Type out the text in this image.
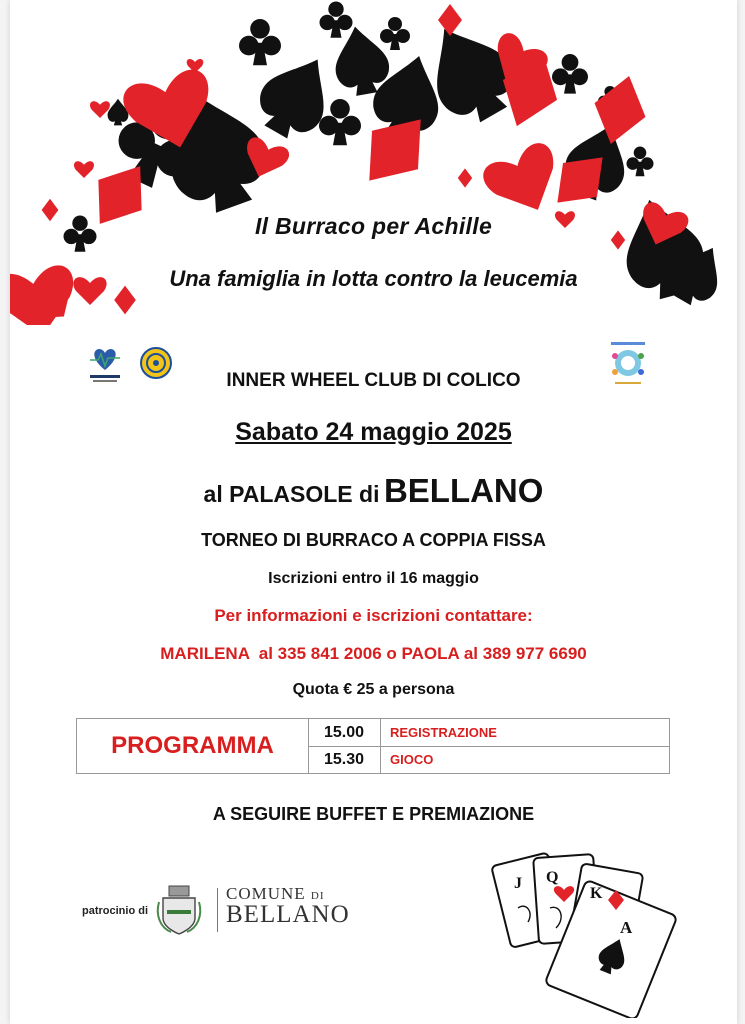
Il Burraco per Achille
Una famiglia in lotta contro la leucemia
INNER WHEEL CLUB DI COLICO
Sabato 24 maggio 2025
al PALASOLE di BELLANO
TORNEO DI BURRACO A COPPIA FISSA
Iscrizioni entro il 16 maggio
Per informazioni e iscrizioni contattare:
MARILENA  al 335 841 2006 o PAOLA al 389 977 6690
Quota € 25 a persona
PROGRAMMA	15.00	REGISTRAZIONE
15.30	GIOCO
A SEGUIRE BUFFET E PREMIAZIONE
patrocinio di
COMUNE DI
BELLANO
J Q
K
A
